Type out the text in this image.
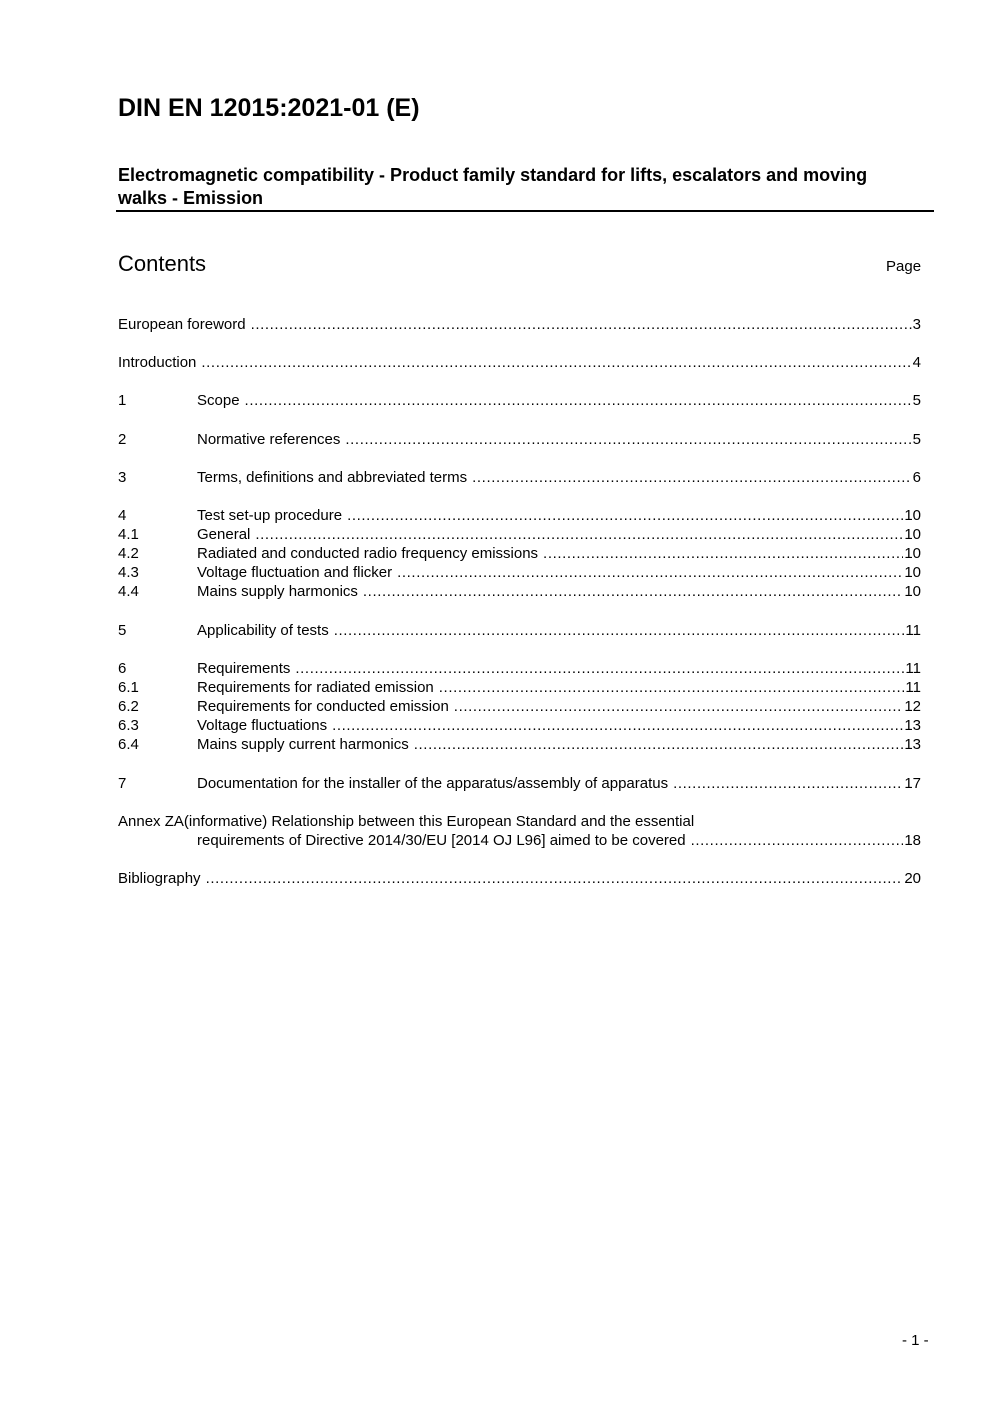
DIN EN 12015:2021-01 (E)
Electromagnetic compatibility - Product family standard for lifts, escalators and moving walks - Emission
Contents	Page
European foreword .....	3
Introduction .....	4
1	Scope .....	5
2	Normative references .....	5
3	Terms, definitions and abbreviated terms .....	6
4	Test set-up procedure .....	10
4.1	General .....	10
4.2	Radiated and conducted radio frequency emissions .....	10
4.3	Voltage fluctuation and flicker .....	10
4.4	Mains supply harmonics .....	10
5	Applicability of tests .....	11
6	Requirements .....	11
6.1	Requirements for radiated emission .....	11
6.2	Requirements for conducted emission .....	12
6.3	Voltage fluctuations .....	13
6.4	Mains supply current harmonics .....	13
7	Documentation for the installer of the apparatus/assembly of apparatus .....	17
Annex ZA(informative) Relationship between this European Standard and the essential
requirements of Directive 2014/30/EU [2014 OJ L96] aimed to be covered .....	18
Bibliography .....	20
- 1 -
